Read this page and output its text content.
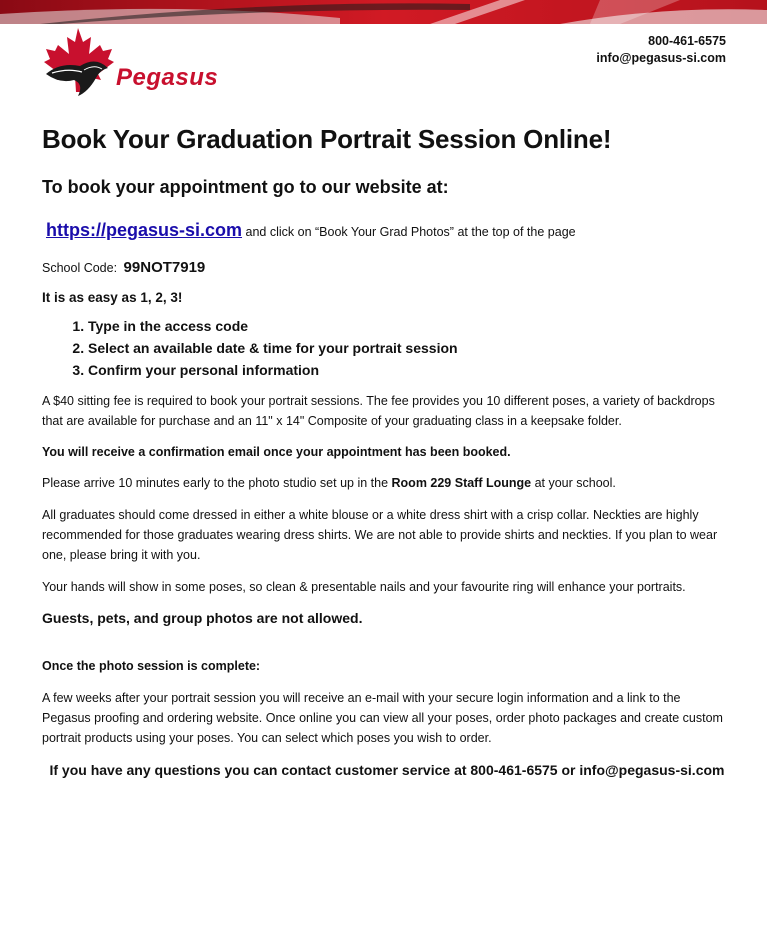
Pegasus
800-461-6575
info@pegasus-si.com
Book Your Graduation Portrait Session Online!
To book your appointment go to our website at:
https://pegasus-si.com and click on “Book Your Grad Photos” at the top of the page
School Code: 99NOT7919
It is as easy as 1, 2, 3!
1. Type in the access code
2. Select an available date & time for your portrait session
3. Confirm your personal information

A $40 sitting fee is required to book your portrait sessions. The fee provides you 10 different poses, a variety of backdrops that are available for purchase and an 11" x 14" Composite of your graduating class in a keepsake folder.

You will receive a confirmation email once your appointment has been booked.

Please arrive 10 minutes early to the photo studio set up in the Room 229 Staff Lounge at your school.

All graduates should come dressed in either a white blouse or a white dress shirt with a crisp collar. Neckties are highly recommended for those graduates wearing dress shirts. We are not able to provide shirts and neckties. If you plan to wear one, please bring it with you.

Your hands will show in some poses, so clean & presentable nails and your favourite ring will enhance your portraits.

Guests, pets, and group photos are not allowed.

Once the photo session is complete:

A few weeks after your portrait session you will receive an e-mail with your secure login information and a link to the Pegasus proofing and ordering website. Once online you can view all your poses, order photo packages and create custom portrait products using your poses. You can select which poses you wish to order.

If you have any questions you can contact customer service at 800-461-6575 or info@pegasus-si.com
